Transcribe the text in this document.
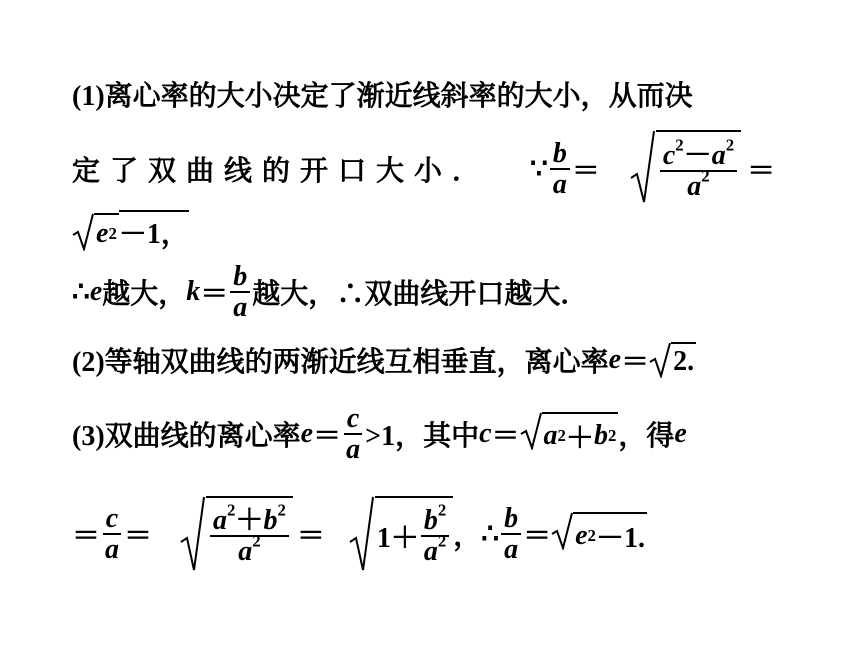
(1)离心率的大小决定了渐近线斜率的大小，从而决
定了双曲线的开口大小． ∵ $\frac{b}{a} = \frac{c^2-a^2}{a^2}$ ＝
e 2 －1，
∴ e 越大， $k = \frac{b}{a}$ 越大， ∴双曲线开口越大．
(2)等轴双曲线的两渐近线互相垂直，离心率 e ＝ 2.
(3)双曲线的离心率 $e = \frac{c}{a} >1$，其中 c ＝ a 2 ＋ b 2 ，得 e
＝ $\frac{c}{a} = \frac{a^2+b^2}{a^2} = 1+ \frac{b^2}{a^2}$ ， ∴ $\frac{b}{a} = e$ 2 －1.
